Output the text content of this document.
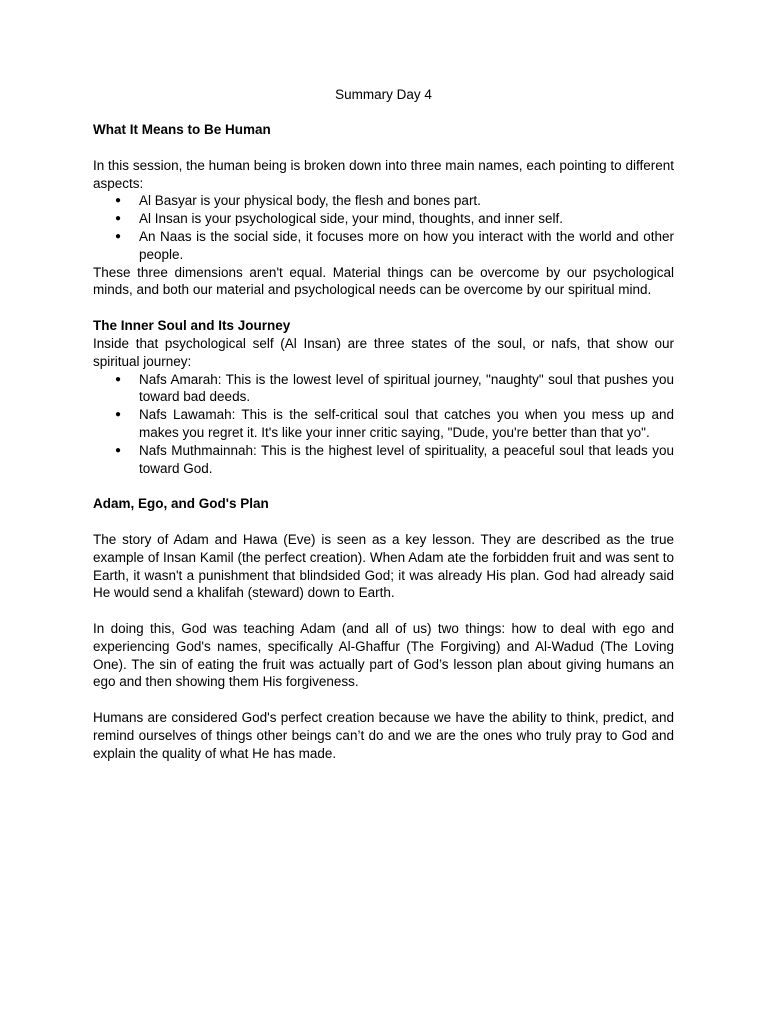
Summary Day 4
What It Means to Be Human

In this session, the human being is broken down into three main names, each pointing to different aspects:

● Al Basyar is your physical body, the flesh and bones part.
● Al Insan is your psychological side, your mind, thoughts, and inner self.
● An Naas is the social side, it focuses more on how you interact with the world and other people.

These three dimensions aren't equal. Material things can be overcome by our psychological minds, and both our material and psychological needs can be overcome by our spiritual mind.

The Inner Soul and Its Journey

Inside that psychological self (Al Insan) are three states of the soul, or nafs, that show our spiritual journey:

● Nafs Amarah: This is the lowest level of spiritual journey, "naughty" soul that pushes you toward bad deeds.
● Nafs Lawamah: This is the self-critical soul that catches you when you mess up and makes you regret it. It's like your inner critic saying, "Dude, you're better than that yo".
● Nafs Muthmainnah: This is the highest level of spirituality, a peaceful soul that leads you toward God.
Adam, Ego, and God's Plan

The story of Adam and Hawa (Eve) is seen as a key lesson. They are described as the true example of Insan Kamil (the perfect creation). When Adam ate the forbidden fruit and was sent to Earth, it wasn't a punishment that blindsided God; it was already His plan. God had already said He would send a khalifah (steward) down to Earth.

In doing this, God was teaching Adam (and all of us) two things: how to deal with ego and experiencing God's names, specifically Al-Ghaffur (The Forgiving) and Al-Wadud (The Loving One). The sin of eating the fruit was actually part of God’s lesson plan about giving humans an ego and then showing them His forgiveness.

Humans are considered God's perfect creation because we have the ability to think, predict, and remind ourselves of things other beings can’t do and we are the ones who truly pray to God and explain the quality of what He has made.
